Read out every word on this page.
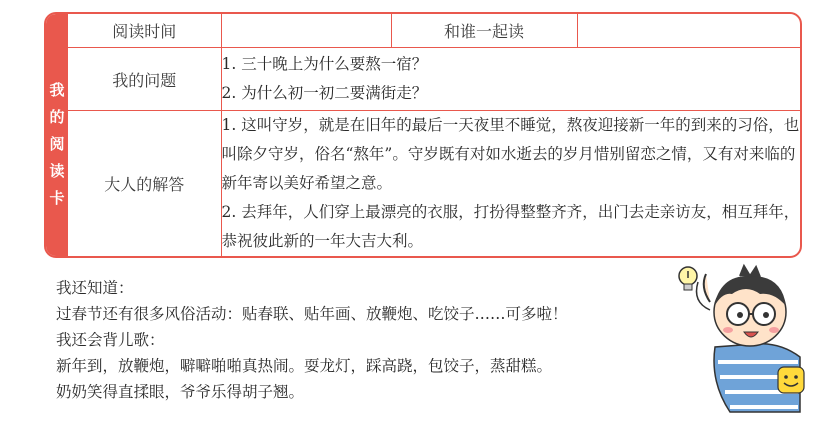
我
的
阅
读
卡
阅读时间		和谁一起读	
我的问题	1. 三十晚上为什么要熬一宿？

2. 为什么初一初二要满街走？		

大人的解答	1. 这叫守岁，就是在旧年的最后一天夜里不睡觉，熬夜迎接新一年的到来的习俗，也叫除夕守岁，俗名“熬年”。守岁既有对如水逝去的岁月惜别留恋之情，又有对来临的新年寄以美好希望之意。

2. 去拜年，人们穿上最漂亮的衣服，打扮得整整齐齐，出门去走亲访友，相互拜年，恭祝彼此新的一年大吉大利。		

我还知道：

过春节还有很多风俗活动：贴春联、贴年画、放鞭炮、吃饺子……可多啦！

我还会背儿歌：

新年到，放鞭炮，噼噼啪啪真热闹。耍龙灯，踩高跷，包饺子，蒸甜糕。

奶奶笑得直揉眼，爷爷乐得胡子翘。
